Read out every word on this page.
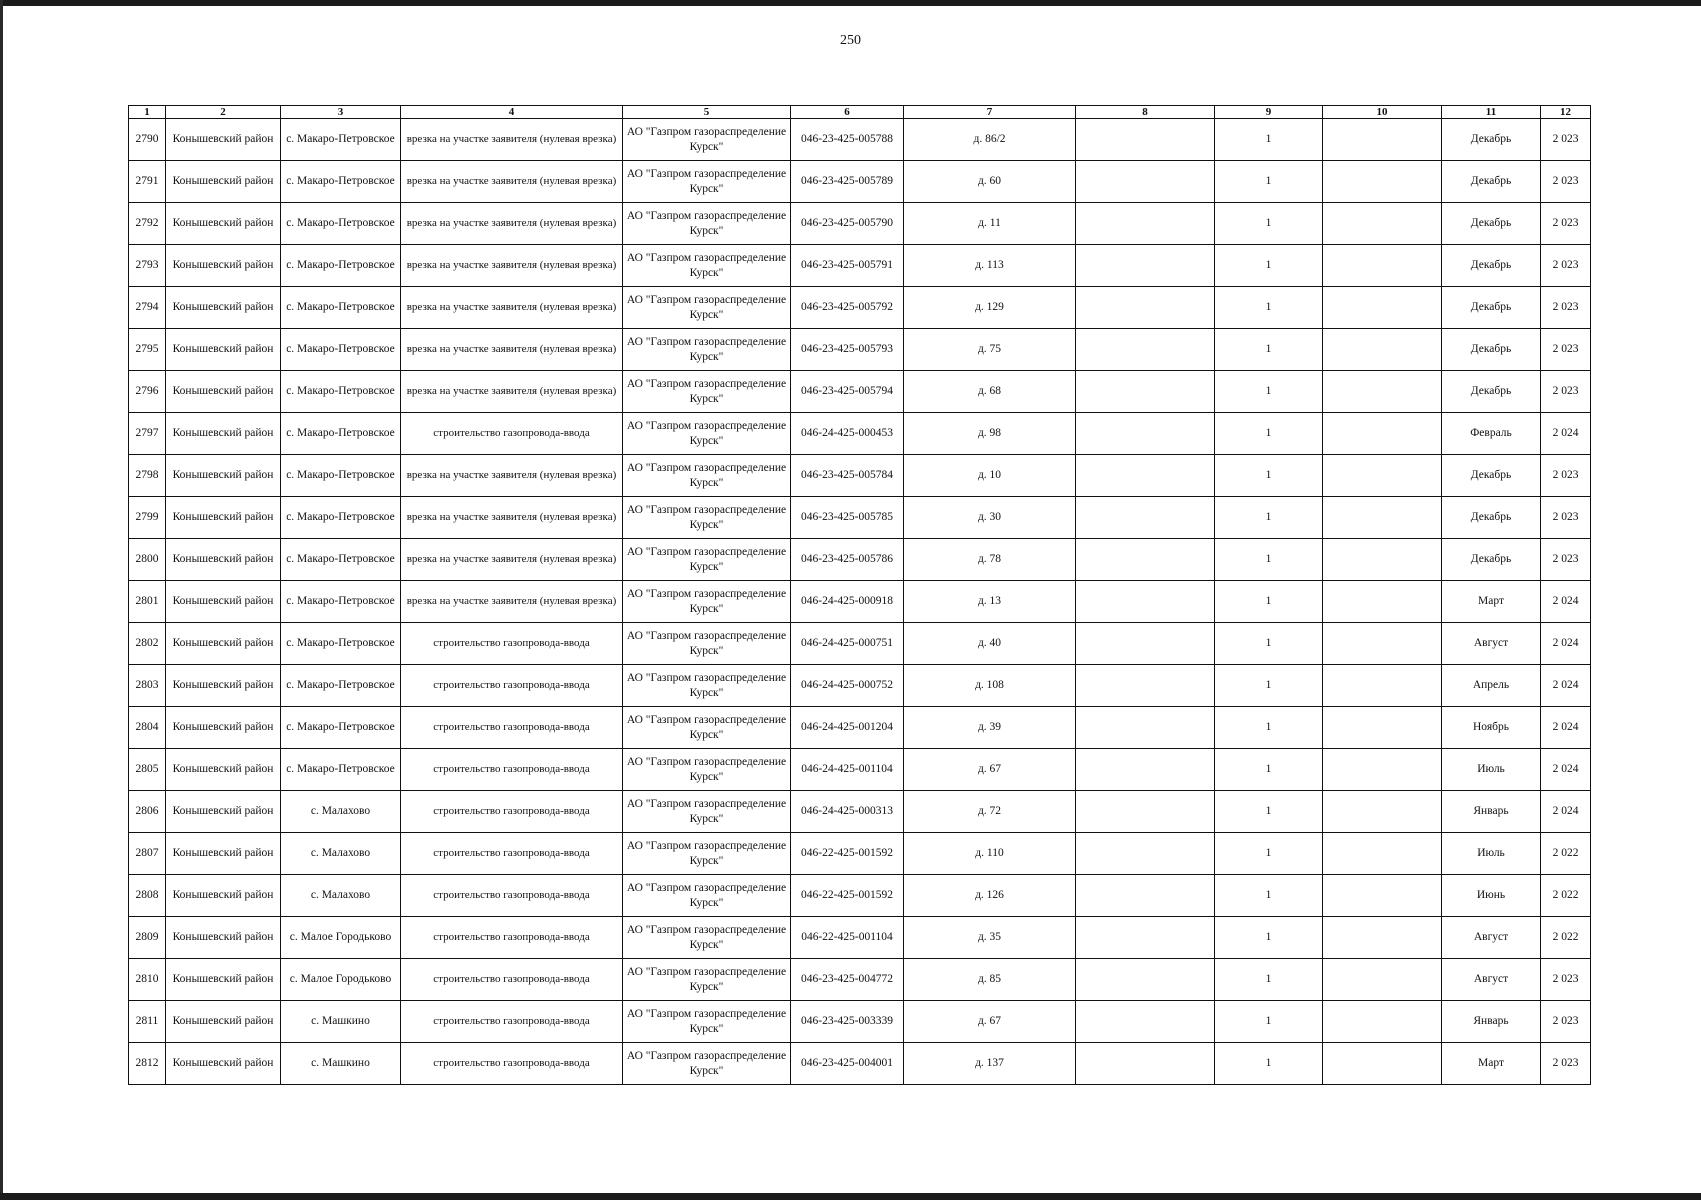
250
1	2	3	4	5	6	7	8	9	10	11	12
2790	Конышевский район	с. Макаро-Петровское	врезка на участке заявителя (нулевая врезка)	АО "Газпром газораспределение Курск"	046-23-425-005788	д. 86/2		1		Декабрь	2 023
2791	Конышевский район	с. Макаро-Петровское	врезка на участке заявителя (нулевая врезка)	АО "Газпром газораспределение Курск"	046-23-425-005789	д. 60		1		Декабрь	2 023
2792	Конышевский район	с. Макаро-Петровское	врезка на участке заявителя (нулевая врезка)	АО "Газпром газораспределение Курск"	046-23-425-005790	д. 11		1		Декабрь	2 023
2793	Конышевский район	с. Макаро-Петровское	врезка на участке заявителя (нулевая врезка)	АО "Газпром газораспределение Курск"	046-23-425-005791	д. 113		1		Декабрь	2 023
2794	Конышевский район	с. Макаро-Петровское	врезка на участке заявителя (нулевая врезка)	АО "Газпром газораспределение Курск"	046-23-425-005792	д. 129		1		Декабрь	2 023
2795	Конышевский район	с. Макаро-Петровское	врезка на участке заявителя (нулевая врезка)	АО "Газпром газораспределение Курск"	046-23-425-005793	д. 75		1		Декабрь	2 023
2796	Конышевский район	с. Макаро-Петровское	врезка на участке заявителя (нулевая врезка)	АО "Газпром газораспределение Курск"	046-23-425-005794	д. 68		1		Декабрь	2 023
2797	Конышевский район	с. Макаро-Петровское	строительство газопровода-ввода	АО "Газпром газораспределение Курск"	046-24-425-000453	д. 98		1		Февраль	2 024
2798	Конышевский район	с. Макаро-Петровское	врезка на участке заявителя (нулевая врезка)	АО "Газпром газораспределение Курск"	046-23-425-005784	д. 10		1		Декабрь	2 023
2799	Конышевский район	с. Макаро-Петровское	врезка на участке заявителя (нулевая врезка)	АО "Газпром газораспределение Курск"	046-23-425-005785	д. 30		1		Декабрь	2 023
2800	Конышевский район	с. Макаро-Петровское	врезка на участке заявителя (нулевая врезка)	АО "Газпром газораспределение Курск"	046-23-425-005786	д. 78		1		Декабрь	2 023
2801	Конышевский район	с. Макаро-Петровское	врезка на участке заявителя (нулевая врезка)	АО "Газпром газораспределение Курск"	046-24-425-000918	д. 13		1		Март	2 024
2802	Конышевский район	с. Макаро-Петровское	строительство газопровода-ввода	АО "Газпром газораспределение Курск"	046-24-425-000751	д. 40		1		Август	2 024
2803	Конышевский район	с. Макаро-Петровское	строительство газопровода-ввода	АО "Газпром газораспределение Курск"	046-24-425-000752	д. 108		1		Апрель	2 024
2804	Конышевский район	с. Макаро-Петровское	строительство газопровода-ввода	АО "Газпром газораспределение Курск"	046-24-425-001204	д. 39		1		Ноябрь	2 024
2805	Конышевский район	с. Макаро-Петровское	строительство газопровода-ввода	АО "Газпром газораспределение Курск"	046-24-425-001104	д. 67		1		Июль	2 024
2806	Конышевский район	с. Малахово	строительство газопровода-ввода	АО "Газпром газораспределение Курск"	046-24-425-000313	д. 72		1		Январь	2 024
2807	Конышевский район	с. Малахово	строительство газопровода-ввода	АО "Газпром газораспределение Курск"	046-22-425-001592	д. 110		1		Июль	2 022
2808	Конышевский район	с. Малахово	строительство газопровода-ввода	АО "Газпром газораспределение Курск"	046-22-425-001592	д. 126		1		Июнь	2 022
2809	Конышевский район	с. Малое Городьково	строительство газопровода-ввода	АО "Газпром газораспределение Курск"	046-22-425-001104	д. 35		1		Август	2 022
2810	Конышевский район	с. Малое Городьково	строительство газопровода-ввода	АО "Газпром газораспределение Курск"	046-23-425-004772	д. 85		1		Август	2 023
2811	Конышевский район	с. Машкино	строительство газопровода-ввода	АО "Газпром газораспределение Курск"	046-23-425-003339	д. 67		1		Январь	2 023
2812	Конышевский район	с. Машкино	строительство газопровода-ввода	АО "Газпром газораспределение Курск"	046-23-425-004001	д. 137		1		Март	2 023
